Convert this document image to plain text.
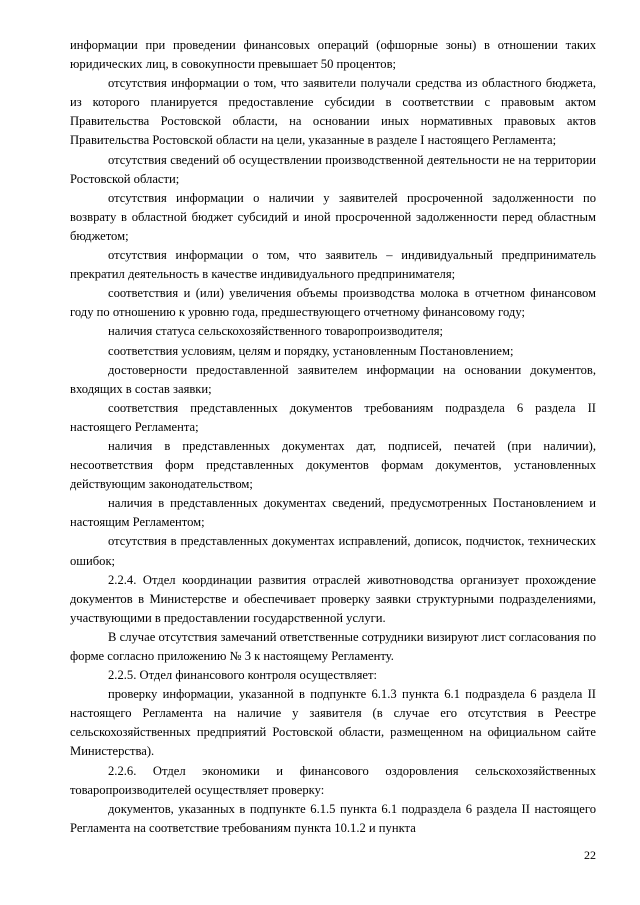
информации при проведении финансовых операций (офшорные зоны) в отношении таких юридических лиц, в совокупности превышает 50 процентов;

отсутствия информации о том, что заявители получали средства из областного бюджета, из которого планируется предоставление субсидии в соответствии с правовым актом Правительства Ростовской области, на основании иных нормативных правовых актов Правительства Ростовской области на цели, указанные в разделе I настоящего Регламента;

отсутствия сведений об осуществлении производственной деятельности не на территории Ростовской области;

отсутствия информации о наличии у заявителей просроченной задолженности по возврату в областной бюджет субсидий и иной просроченной задолженности перед областным бюджетом;

отсутствия информации о том, что заявитель – индивидуальный предприниматель прекратил деятельность в качестве индивидуального предпринимателя;

соответствия и (или) увеличения объемы производства молока в отчетном финансовом году по отношению к уровню года, предшествующего отчетному финансовому году;

наличия статуса сельскохозяйственного товаропроизводителя;

соответствия условиям, целям и порядку, установленным Постановлением;

достоверности предоставленной заявителем информации на основании документов, входящих в состав заявки;

соответствия представленных документов требованиям подраздела 6 раздела II настоящего Регламента;

наличия в представленных документах дат, подписей, печатей (при наличии), несоответствия форм представленных документов формам документов, установленных действующим законодательством;

наличия в представленных документах сведений, предусмотренных Постановлением и настоящим Регламентом;

отсутствия в представленных документах исправлений, дописок, подчисток, технических ошибок;

2.2.4. Отдел координации развития отраслей животноводства организует прохождение документов в Министерстве и обеспечивает проверку заявки структурными подразделениями, участвующими в предоставлении государственной услуги.

В случае отсутствия замечаний ответственные сотрудники визируют лист согласования по форме согласно приложению № 3 к настоящему Регламенту.

2.2.5. Отдел финансового контроля осуществляет:

проверку информации, указанной в подпункте 6.1.3 пункта 6.1 подраздела 6 раздела II настоящего Регламента на наличие у заявителя (в случае его отсутствия в Реестре сельскохозяйственных предприятий Ростовской области, размещенном на официальном сайте Министерства).

2.2.6. Отдел экономики и финансового оздоровления сельскохозяйственных товаропроизводителей осуществляет проверку:

документов, указанных в подпункте 6.1.5 пункта 6.1 подраздела 6 раздела II настоящего Регламента на соответствие требованиям пункта 10.1.2 и пункта

22
